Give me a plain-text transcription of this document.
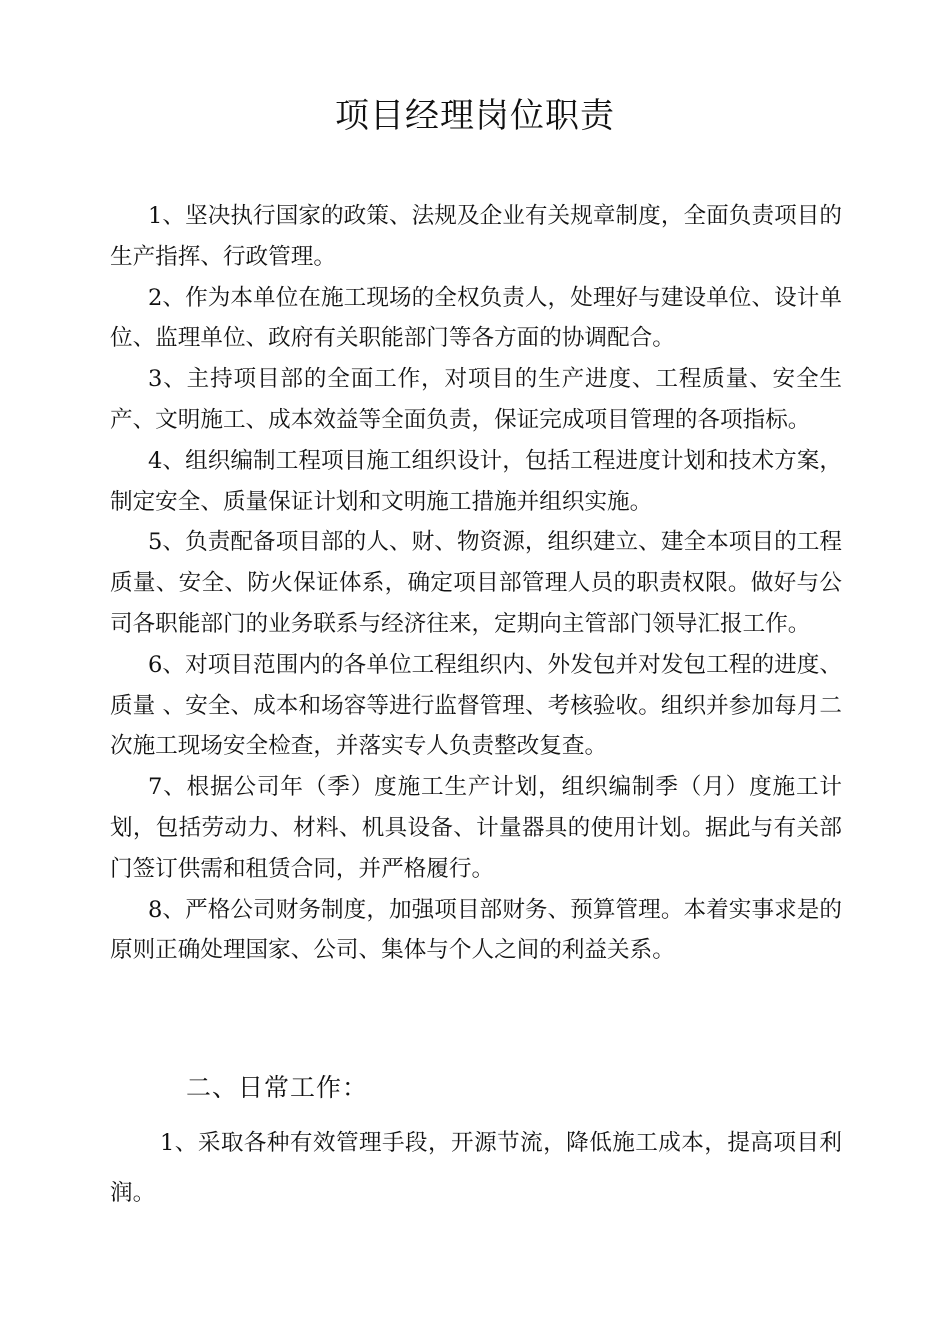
项目经理岗位职责

1、坚决执行国家的政策、法规及企业有关规章制度，全面负责项目的生产指挥、行政管理。

2、作为本单位在施工现场的全权负责人，处理好与建设单位、设计单位、监理单位、政府有关职能部门等各方面的协调配合。

3、主持项目部的全面工作，对项目的生产进度、工程质量、安全生产、文明施工、成本效益等全面负责，保证完成项目管理的各项指标。

4、组织编制工程项目施工组织设计，包括工程进度计划和技术方案，制定安全、质量保证计划和文明施工措施并组织实施。

5、负责配备项目部的人、财、物资源，组织建立、建全本项目的工程质量、安全、防火保证体系，确定项目部管理人员的职责权限。做好与公司各职能部门的业务联系与经济往来，定期向主管部门领导汇报工作。

6、对项目范围内的各单位工程组织内、外发包并对发包工程的进度、质量 、安全、成本和场容等进行监督管理、考核验收。组织并参加每月二次施工现场安全检查，并落实专人负责整改复查。

7、根据公司年（季）度施工生产计划，组织编制季（月）度施工计划，包括劳动力、材料、机具设备、计量器具的使用计划。据此与有关部门签订供需和租赁合同，并严格履行。

8、严格公司财务制度，加强项目部财务、预算管理。本着实事求是的原则正确处理国家、公司、集体与个人之间的利益关系。

二、日常工作：

1、采取各种有效管理手段，开源节流，降低施工成本，提高项目利润。
